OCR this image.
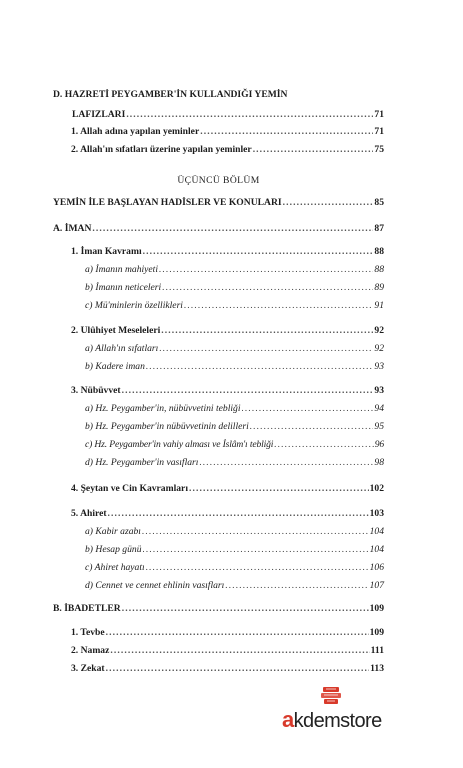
D. HAZRETİ PEYGAMBER'İN KULLANDIĞI YEMİN
LAFIZLARI .....	71
1. Allah adına yapılan yeminler .....	71
2. Allah'ın sıfatları üzerine yapılan yeminler .....	75
ÜÇÜNCÜ BÖLÜM
YEMİN İLE BAŞLAYAN HADİSLER VE KONULARI .....	85
A. İMAN .....	87
1. İman Kavramı .....	88
a) İmanın mahiyeti .....	88
b) İmanın neticeleri .....	89
c) Mü'minlerin özellikleri .....	91
2. Ulûhiyet Meseleleri .....	92
a) Allah'ın sıfatları .....	92
b) Kadere iman .....	93
3. Nübüvvet .....	93
a) Hz. Peygamber'in, nübüvvetini tebliği .....	94
b) Hz. Peygamber'in nübüvvetinin delilleri .....	95
c) Hz. Peygamber'in vahiy alması ve İslâm'ı tebliği .....	96
d) Hz. Peygamber'in vasıfları .....	98
4. Şeytan ve Cin Kavramları .....	102
5. Ahiret .....	103
a) Kabir azabı .....	104
b) Hesap günü .....	104
c) Ahiret hayatı .....	106
d) Cennet ve cennet ehlinin vasıfları .....	107
B. İBADETLER .....	109
1. Tevbe .....	109
2. Namaz .....	111
3. Zekat .....	113
akdemstore
